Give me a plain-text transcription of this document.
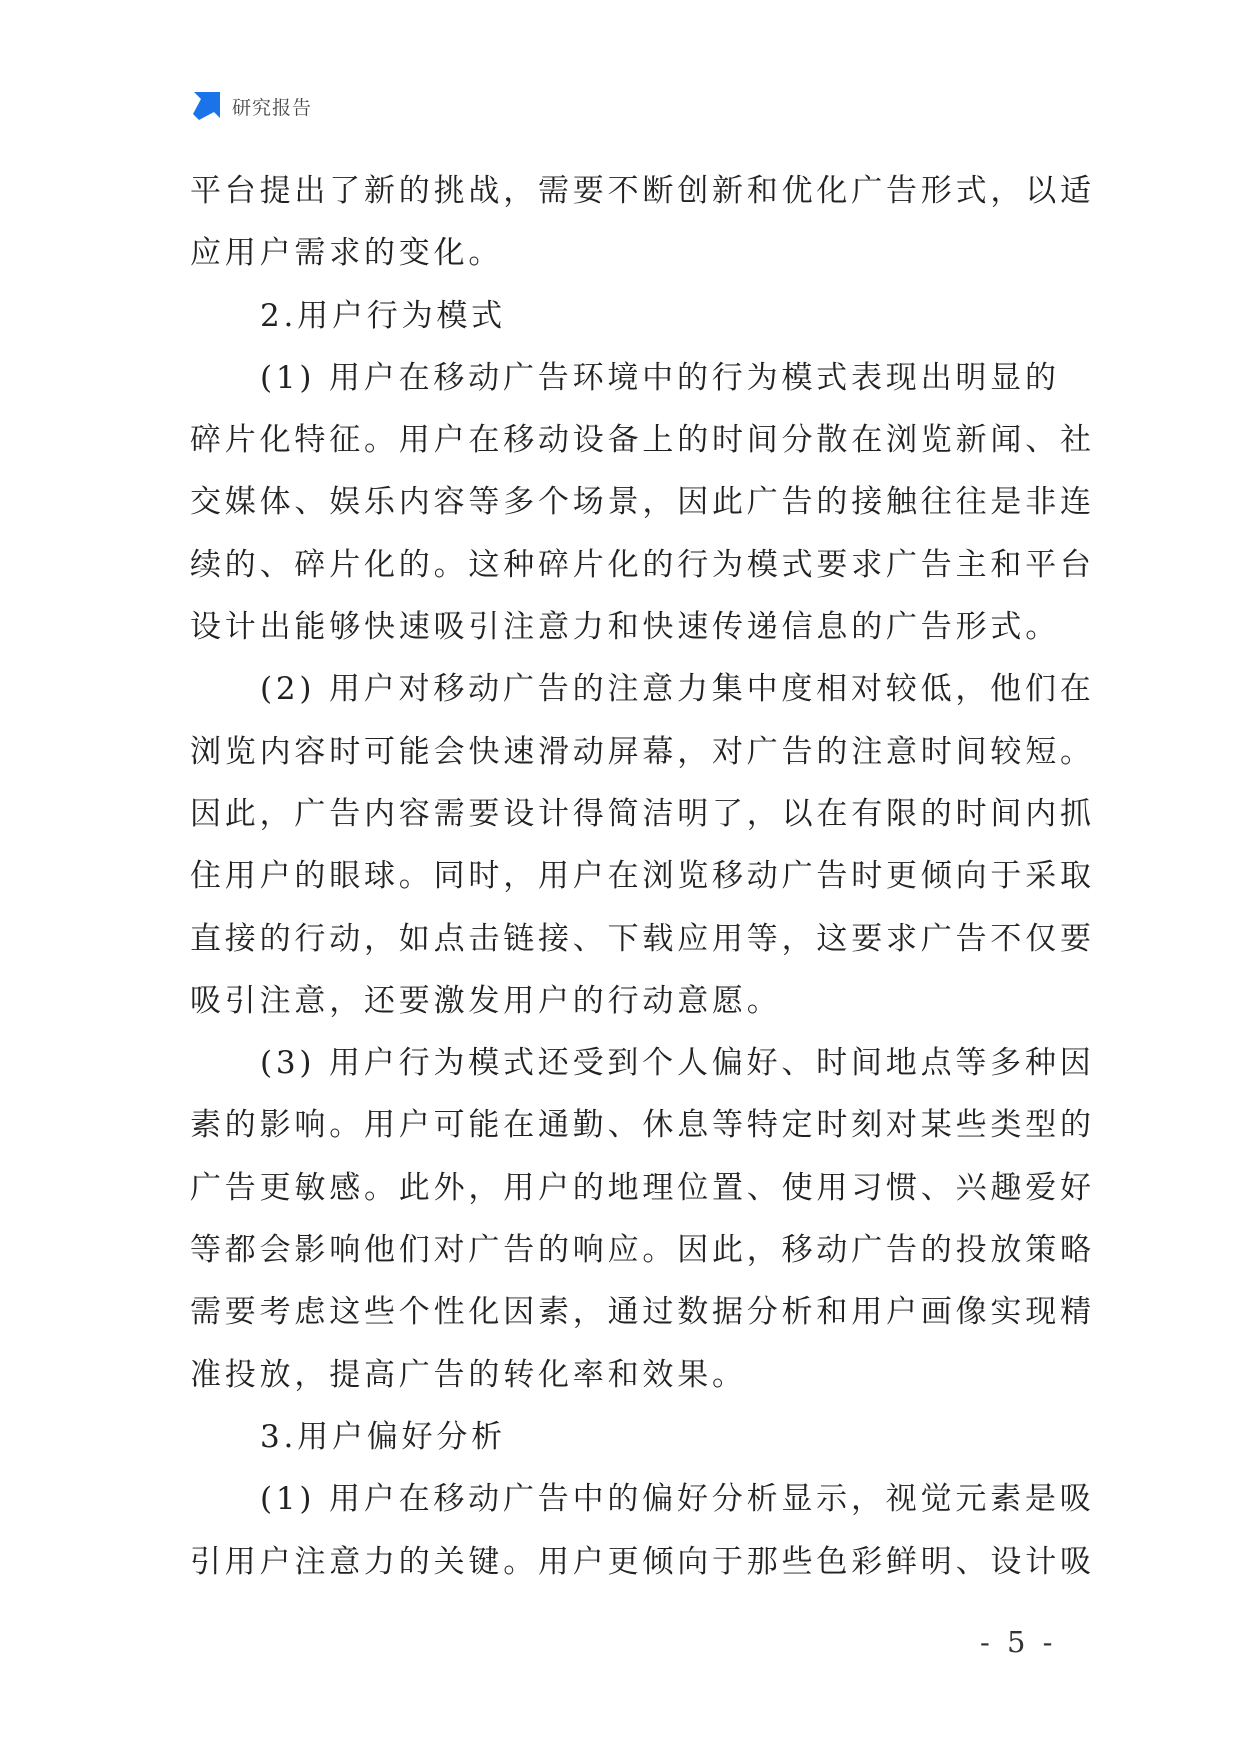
研究报告
平台提出了新的挑战，需要不断创新和优化广告形式，以适
应用户需求的变化。
2.用户行为模式
(1) 用户在移动广告环境中的行为模式表现出明显的
碎片化特征。用户在移动设备上的时间分散在浏览新闻、社
交媒体、娱乐内容等多个场景，因此广告的接触往往是非连
续的、碎片化的。这种碎片化的行为模式要求广告主和平台
设计出能够快速吸引注意力和快速传递信息的广告形式。
(2) 用户对移动广告的注意力集中度相对较低，他们在
浏览内容时可能会快速滑动屏幕，对广告的注意时间较短。
因此，广告内容需要设计得简洁明了，以在有限的时间内抓
住用户的眼球。同时，用户在浏览移动广告时更倾向于采取
直接的行动，如点击链接、下载应用等，这要求广告不仅要
吸引注意，还要激发用户的行动意愿。
(3) 用户行为模式还受到个人偏好、时间地点等多种因
素的影响。用户可能在通勤、休息等特定时刻对某些类型的
广告更敏感。此外，用户的地理位置、使用习惯、兴趣爱好
等都会影响他们对广告的响应。因此，移动广告的投放策略
需要考虑这些个性化因素，通过数据分析和用户画像实现精
准投放，提高广告的转化率和效果。
3.用户偏好分析
(1) 用户在移动广告中的偏好分析显示，视觉元素是吸
引用户注意力的关键。用户更倾向于那些色彩鲜明、设计吸
- 5 -
